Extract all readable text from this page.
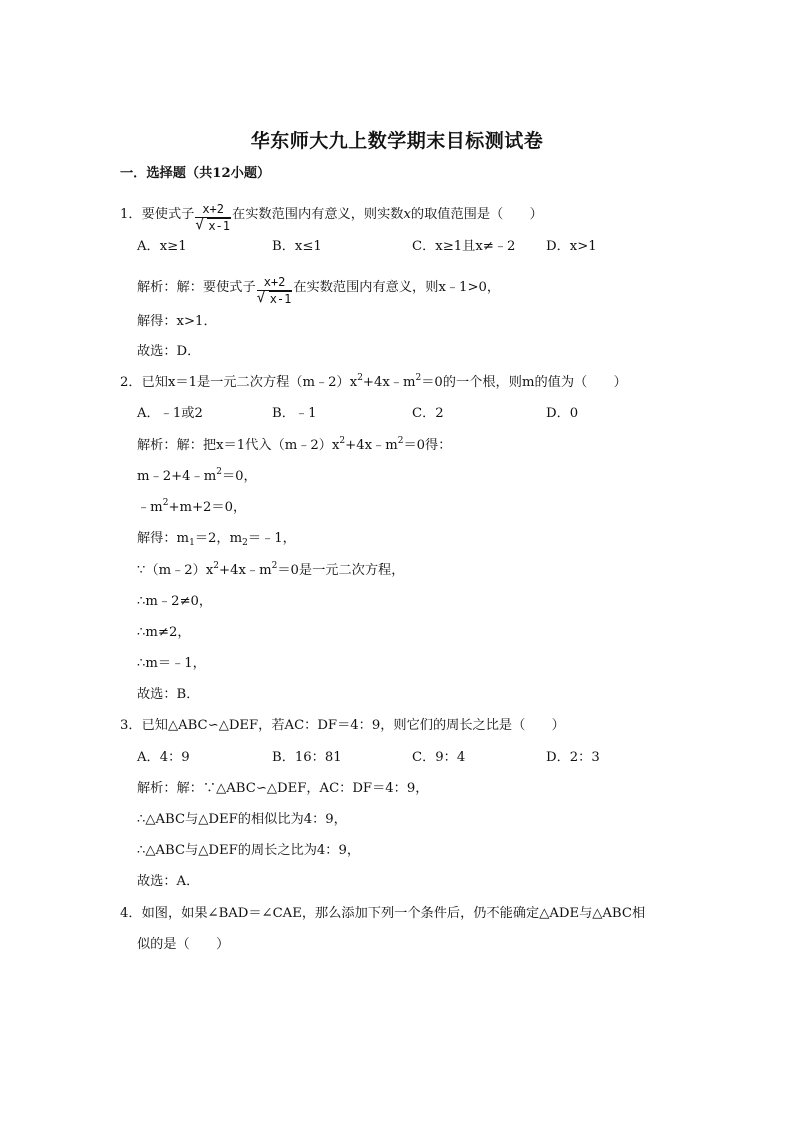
华东师大九上数学期末目标测试卷
一．选择题（共12小题）
1．要使式子 $\frac{x+2}{√ x-1}$ 在实数范围内有意义，则实数x的取值范围是（　　）
A．x≥1	B．x≤1	C．x≥1且x≠﹣2 D．x>1
解析：解：要使式子 $\frac{x+2}{√ x-1}$ 在实数范围内有意义，则x﹣1>0，
解得：x>1．
故选：D．
2．已知x＝1是一元二次方程$(m﹣2)x^2+4x﹣m^2=0$的一个根，则m的值为（　　）
A．﹣1或2	B．﹣1	C．2	D．0
解析：解：把x＝1代入$(m﹣2)x^2+4x﹣m^2=0$得：
$m﹣2+4﹣m^2=0$，
$﹣m^2+m+2=0$，
解得：$m_1=2$，$m_2=﹣1$，
$\because(m﹣2)x^2+4x﹣m^2=0$是一元二次方程，
∴m﹣2≠0，
∴m≠2，
∴m＝﹣1，
故选：B．
3．已知△ABC∽△DEF，若AC：DF＝4：9，则它们的周长之比是（　　）
A．4：9	B．16：81	C．9：4	D．2：3
解析：解：∵△ABC∽△DEF，AC：DF＝4：9，
∴△ABC与△DEF的相似比为4：9，
∴△ABC与△DEF的周长之比为4：9，
故选：A．
4．如图，如果∠BAD＝∠CAE，那么添加下列一个条件后，仍不能确定△ADE与△ABC相
似的是（　　）
